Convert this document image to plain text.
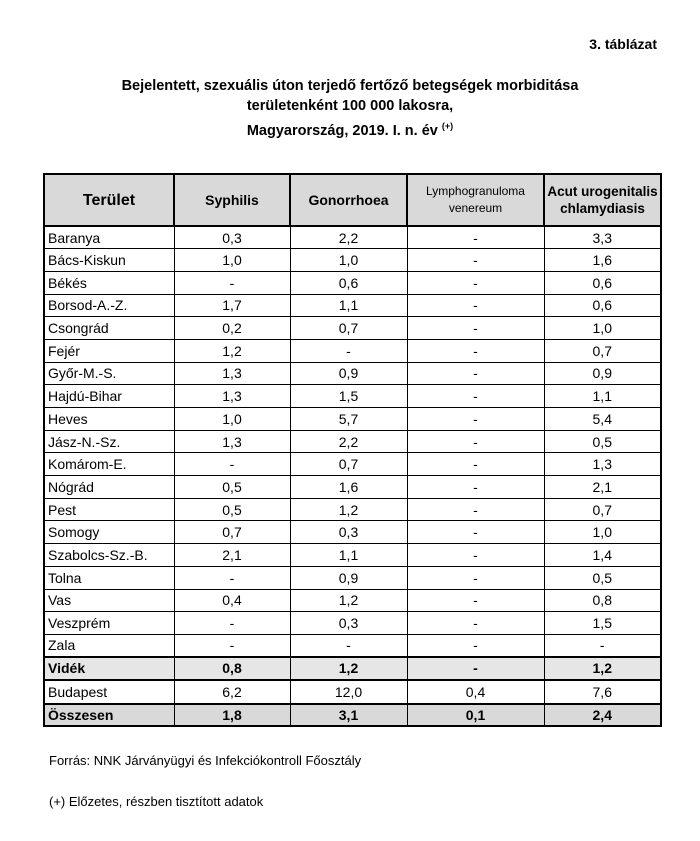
3. táblázat
Bejelentett, szexuális úton terjedő fertőző betegségek morbiditása
területenként 100 000 lakosra,
Magyarország, 2019. I. n. év (+)
Terület	Syphilis	Gonorrhoea	Lymphogranuloma venereum	Acut urogenitalis chlamydiasis
Baranya	0,3	2,2	-	3,3
Bács-Kiskun	1,0	1,0	-	1,6
Békés	-	0,6	-	0,6
Borsod-A.-Z.	1,7	1,1	-	0,6
Csongrád	0,2	0,7	-	1,0
Fejér	1,2	-	-	0,7
Győr-M.-S.	1,3	0,9	-	0,9
Hajdú-Bihar	1,3	1,5	-	1,1
Heves	1,0	5,7	-	5,4
Jász-N.-Sz.	1,3	2,2	-	0,5
Komárom-E.	-	0,7	-	1,3
Nógrád	0,5	1,6	-	2,1
Pest	0,5	1,2	-	0,7
Somogy	0,7	0,3	-	1,0
Szabolcs-Sz.-B.	2,1	1,1	-	1,4
Tolna	-	0,9	-	0,5
Vas	0,4	1,2	-	0,8
Veszprém	-	0,3	-	1,5
Zala	-	-	-	-
Vidék	0,8	1,2	-	1,2
Budapest	6,2	12,0	0,4	7,6
Összesen	1,8	3,1	0,1	2,4
Forrás: NNK Járványügyi és Infekciókontroll Főosztály
(+) Előzetes, részben tisztított adatok
